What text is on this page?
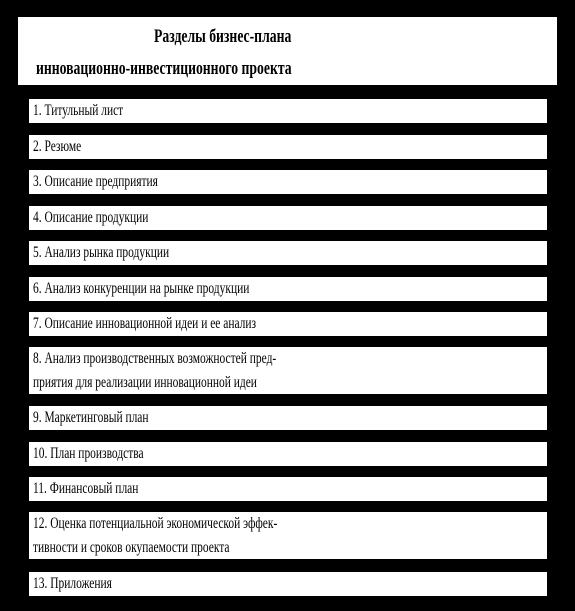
Разделы бизнес-плана
инновационно-инвестиционного проекта
1. Титульный лист
2. Резюме
3. Описание предприятия
4. Описание продукции
5. Анализ рынка продукции
6. Анализ конкуренции на рынке продукции
7. Описание инновационной идеи и ее анализ
8. Анализ производственных возможностей пред-
приятия для реализации инновационной идеи
9. Маркетинговый план
10. План производства
11. Финансовый план
12. Оценка потенциальной экономической эффек-
тивности и сроков окупаемости проекта
13. Приложения
